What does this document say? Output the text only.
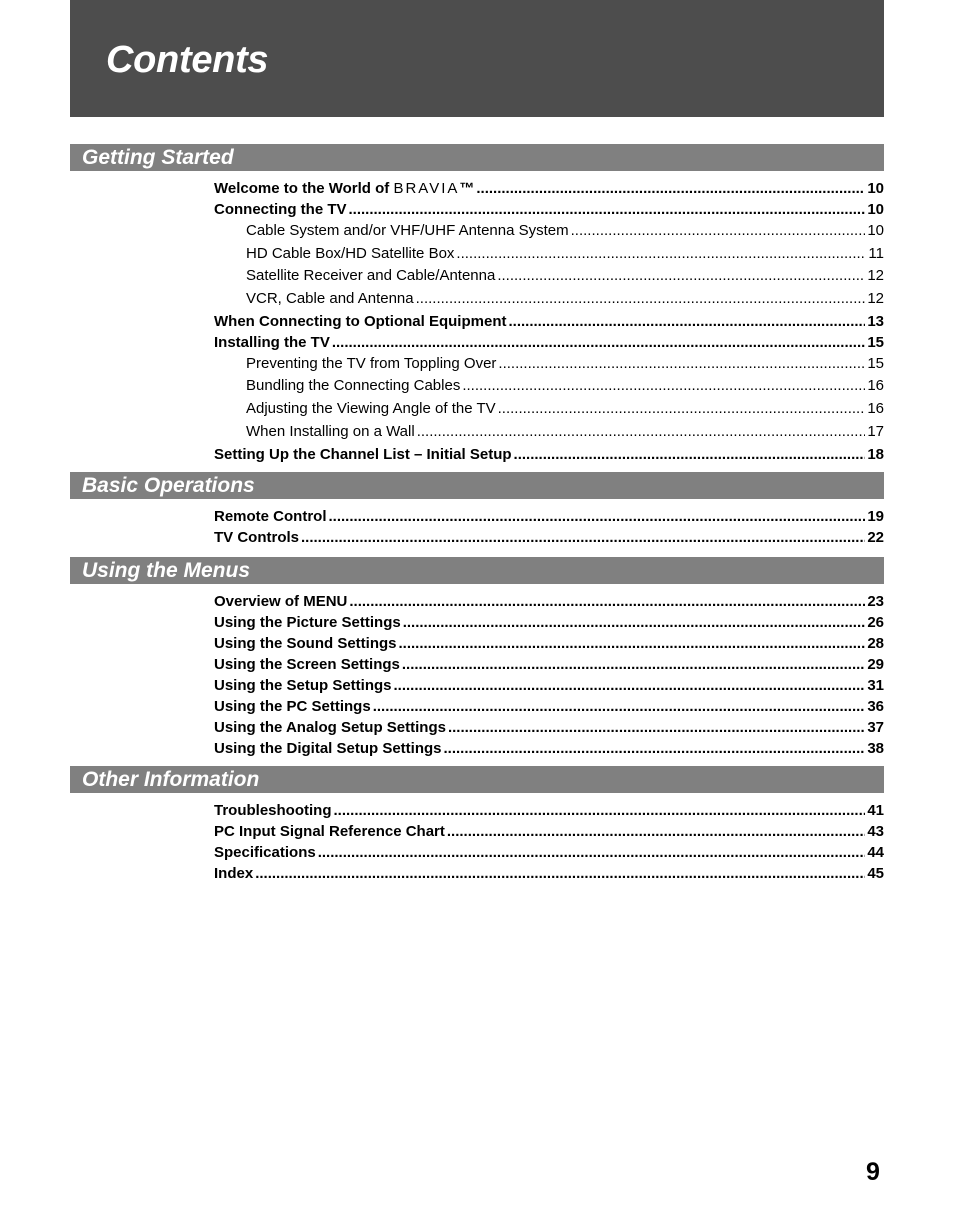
Contents
Getting Started
Welcome to the World of BRAVIA™ .....	10
Connecting the TV .....	10
Cable System and/or VHF/UHF Antenna System .....	10
HD Cable Box/HD Satellite Box .....	11
Satellite Receiver and Cable/Antenna .....	12
VCR, Cable and Antenna .....	12
When Connecting to Optional Equipment .....	13
Installing the TV .....	15
Preventing the TV from Toppling Over .....	15
Bundling the Connecting Cables .....	16
Adjusting the Viewing Angle of the TV .....	16
When Installing on a Wall .....	17
Setting Up the Channel List – Initial Setup .....	18
Basic Operations
Remote Control .....	19
TV Controls .....	22
Using the Menus
Overview of MENU .....	23
Using the Picture Settings .....	26
Using the Sound Settings .....	28
Using the Screen Settings .....	29
Using the Setup Settings .....	31
Using the PC Settings .....	36
Using the Analog Setup Settings .....	37
Using the Digital Setup Settings .....	38
Other Information
Troubleshooting .....	41
PC Input Signal Reference Chart .....	43
Specifications .....	44
Index .....	45
9
